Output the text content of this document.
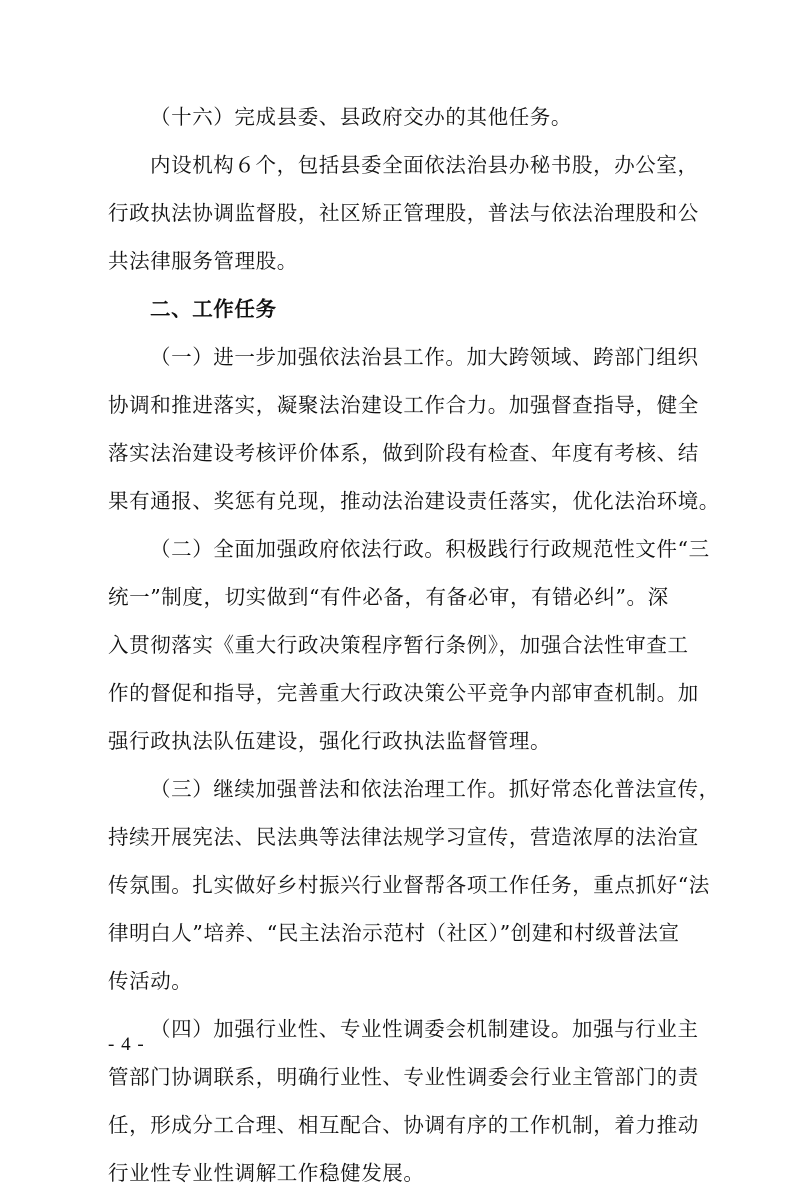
（十六）完成县委、县政府交办的其他任务。
内设机构６个，包括县委全面依法治县办秘书股，办公室，
行政执法协调监督股，社区矫正管理股，普法与依法治理股和公
共法律服务管理股。
二、工作任务
（一）进一步加强依法治县工作。加大跨领域、跨部门组织
协调和推进落实，凝聚法治建设工作合力。加强督查指导，健全
落实法治建设考核评价体系，做到阶段有检查、年度有考核、结
果有通报、奖惩有兑现，推动法治建设责任落实，优化法治环境。
（二）全面加强政府依法行政。积极践行行政规范性文件“三
统一”制度，切实做到“有件必备，有备必审，有错必纠”。深
入贯彻落实《重大行政决策程序暂行条例》，加强合法性审查工
作的督促和指导，完善重大行政决策公平竞争内部审查机制。加
强行政执法队伍建设，强化行政执法监督管理。
（三）继续加强普法和依法治理工作。抓好常态化普法宣传，
持续开展宪法、民法典等法律法规学习宣传，营造浓厚的法治宣
传氛围。扎实做好乡村振兴行业督帮各项工作任务，重点抓好“法
律明白人”培养、“民主法治示范村（社区）”创建和村级普法宣
传活动。
（四）加强行业性、专业性调委会机制建设。加强与行业主
管部门协调联系，明确行业性、专业性调委会行业主管部门的责
任，形成分工合理、相互配合、协调有序的工作机制，着力推动
行业性专业性调解工作稳健发展。
- 4 -
